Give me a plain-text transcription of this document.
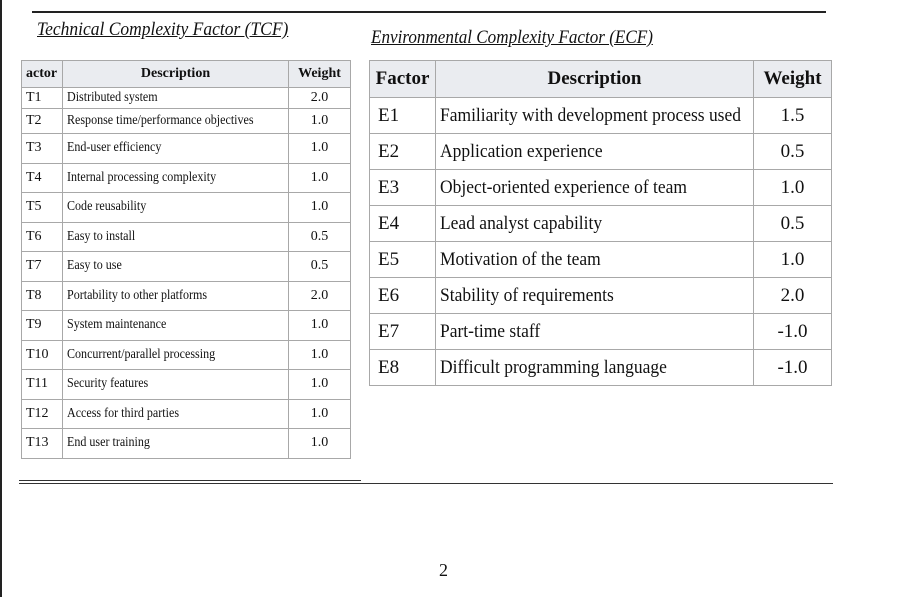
Technical Complexity Factor (TCF)	Environmental Complexity Factor (ECF)
actor	Description	Weight
T1	Distributed system	2.0
T2	Response time/performance objectives	1.0
T3	End-user efficiency	1.0
T4	Internal processing complexity	1.0
T5	Code reusability	1.0
T6	Easy to install	0.5
T7	Easy to use	0.5
T8	Portability to other platforms	2.0
T9	System maintenance	1.0
T10	Concurrent/parallel processing	1.0
T11	Security features	1.0
T12	Access for third parties	1.0
T13	End user training	1.0
Factor	Description	Weight
E1	Familiarity with development process used	1.5
E2	Application experience	0.5
E3	Object-oriented experience of team	1.0
E4	Lead analyst capability	0.5
E5	Motivation of the team	1.0
E6	Stability of requirements	2.0
E7	Part-time staff	-1.0
E8	Difficult programming language	-1.0
2
